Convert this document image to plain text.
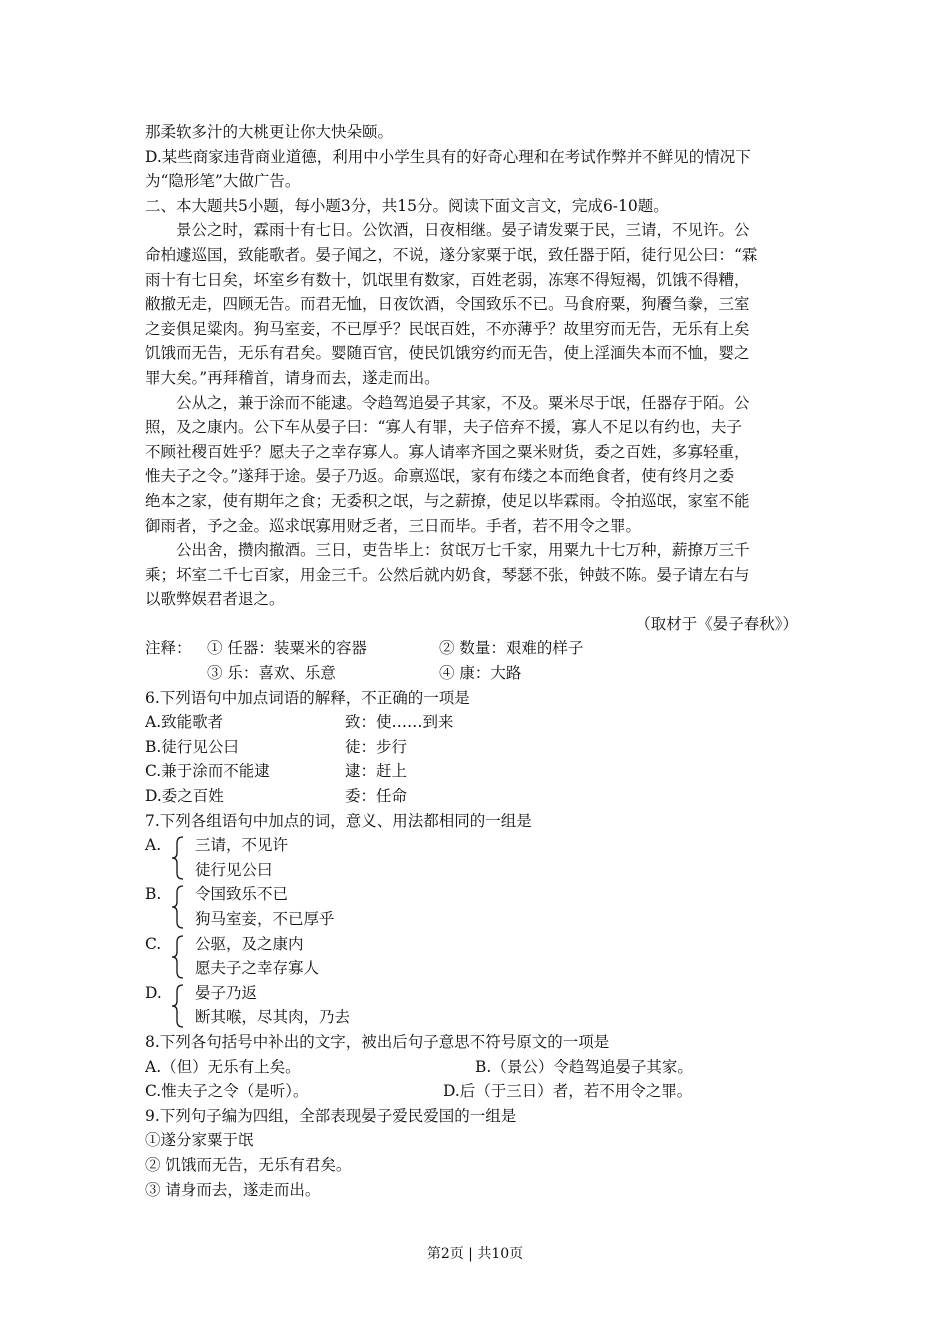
那柔软多汁的大桃更让你大快朵颐。
D.某些商家违背商业道德，利用中小学生具有的好奇心理和在考试作弊并不鲜见的情况下
为“隐形笔”大做广告。
二、本大题共5小题，每小题3分，共15分。阅读下面文言文，完成6-10题。
景公之时，霖雨十有七日。公饮酒，日夜相继。晏子请发粟于民，三请，不见许。公
命柏遽巡国，致能歌者。晏子闻之，不说，遂分家粟于氓，致任器于陌，徒行见公曰：“霖
雨十有七日矣，坏室乡有数十，饥氓里有数家，百姓老弱，冻寒不得短褐，饥饿不得糟，
敝撤无走，四顾无告。而君无恤，日夜饮酒，令国致乐不已。马食府粟，狗餍刍豢，三室
之妾俱足粱肉。狗马室妾，不已厚乎？民氓百姓，不亦薄乎？故里穷而无告，无乐有上矣
饥饿而无告，无乐有君矣。婴随百官，使民饥饿穷约而无告，使上淫湎失本而不恤，婴之
罪大矣。”再拜稽首，请身而去，遂走而出。
公从之，兼于涂而不能逮。令趋驾追晏子其家，不及。粟米尽于氓，任器存于陌。公
照，及之康内。公下车从晏子曰：“寡人有罪，夫子倍弃不援，寡人不足以有约也，夫子
不顾社稷百姓乎？愿夫子之幸存寡人。寡人请率齐国之粟米财货，委之百姓，多寡轻重，
惟夫子之令。”遂拜于途。晏子乃返。命禀巡氓，家有布缕之本而绝食者，使有终月之委
绝本之家，使有期年之食；无委积之氓，与之薪撩，使足以毕霖雨。令拍巡氓，家室不能
御雨者，予之金。巡求氓寡用财乏者，三日而毕。手者，若不用令之罪。
公出舍，攒肉撤酒。三日，吏告毕上：贫氓万七千家，用粟九十七万种，薪撩万三千
乘；坏室二千七百家，用金三千。公然后就内奶食，琴瑟不张，钟鼓不陈。晏子请左右与
以歌弊娱君者退之。
（取材于《晏子春秋》）
注释： ① 任器：装粟米的容器	② 数量：艰难的样子
③ 乐：喜欢、乐意	④ 康：大路
6.下列语句中加点词语的解释，不正确的一项是
A.致能歌者	致：使……到来
B.徒行见公曰	徒：步行
C.兼于涂而不能逮	逮：赶上
D.委之百姓	委：任命
7.下列各组语句中加点的词，意义、用法都相同的一组是
A. 三请，不见许
徒行见公曰
B. 令国致乐不已
狗马室妾，不已厚乎
C. 公驱，及之康内
愿夫子之幸存寡人
D. 晏子乃返
断其喉，尽其肉，乃去
8.下列各句括号中补出的文字，被出后句子意思不符号原文的一项是
A.（但）无乐有上矣。	B.（景公）令趋驾追晏子其家。
C.惟夫子之令（是听）。	D.后（于三日）者，若不用令之罪。
9.下列句子编为四组，全部表现晏子爱民爱国的一组是
①遂分家粟于氓
② 饥饿而无告，无乐有君矣。
③ 请身而去，遂走而出。
第2页 | 共10页
